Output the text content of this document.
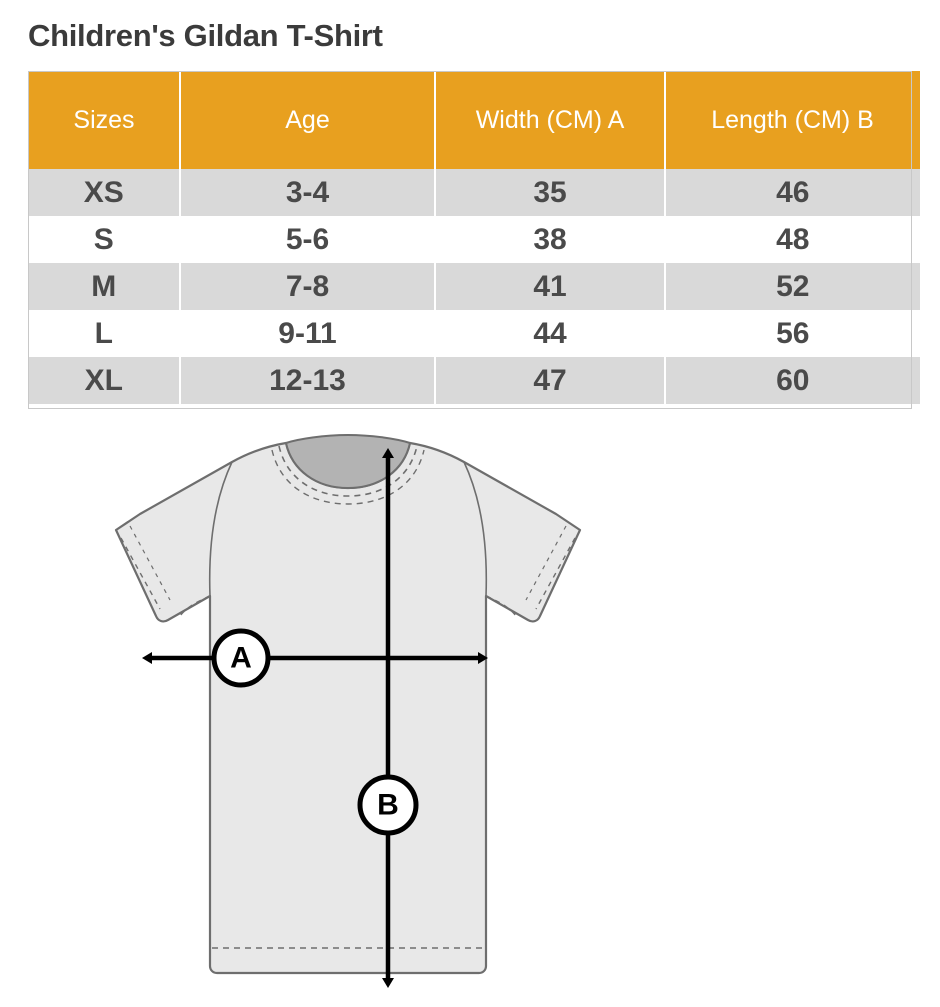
Children's Gildan T-Shirt
Sizes	Age	Width (CM) A	Length (CM) B
XS	3-4	35	46
S	5-6	38	48
M	7-8	41	52
L	9-11	44	56
XL	12-13	47	60
A
B
